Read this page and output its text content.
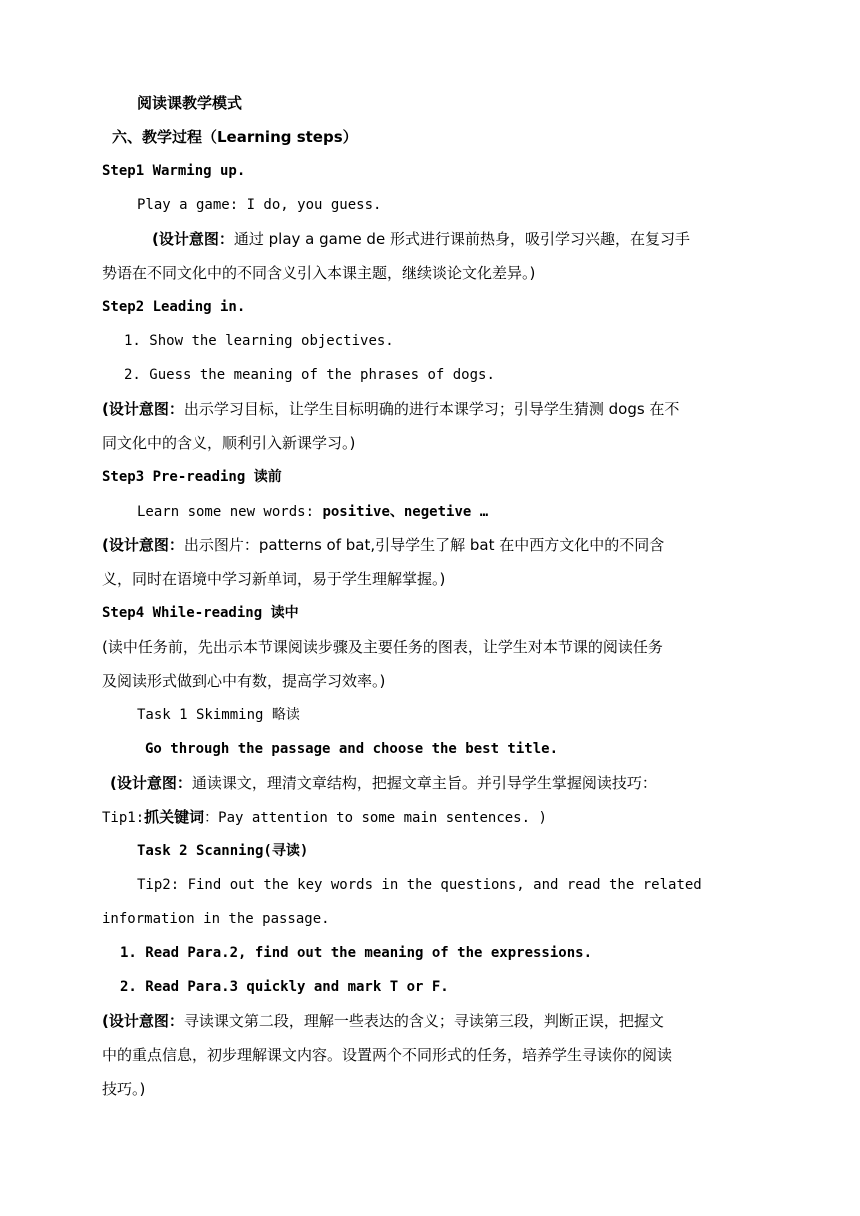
阅读课教学模式
六、教学过程（Learning steps）
Step1 Warming up.
Play a game: I do, you guess.
(设计意图：通过 play a game de 形式进行课前热身，吸引学习兴趣，在复习手
势语在不同文化中的不同含义引入本课主题，继续谈论文化差异。)
Step2 Leading in.
1. Show the learning objectives.
2. Guess the meaning of the phrases of dogs.
(设计意图：出示学习目标，让学生目标明确的进行本课学习；引导学生猜测 dogs 在不
同文化中的含义，顺利引入新课学习。)
Step3 Pre-reading 读前
Learn some new words: positive、negetive …
(设计意图：出示图片：patterns of bat,引导学生了解 bat 在中西方文化中的不同含
义，同时在语境中学习新单词，易于学生理解掌握。)
Step4 While-reading 读中
(读中任务前，先出示本节课阅读步骤及主要任务的图表，让学生对本节课的阅读任务
及阅读形式做到心中有数，提高学习效率。)
Task 1 Skimming 略读
Go through the passage and choose the best title.
(设计意图：通读课文，理清文章结构，把握文章主旨。并引导学生掌握阅读技巧：
Tip1:抓关键词：Pay attention to some main sentences. )
Task 2 Scanning(寻读)
Tip2: Find out the key words in the questions, and read the related
information in the passage.
1. Read Para.2, find out the meaning of the expressions.
2. Read Para.3 quickly and mark T or F.
(设计意图：寻读课文第二段，理解一些表达的含义；寻读第三段，判断正误，把握文
中的重点信息，初步理解课文内容。设置两个不同形式的任务，培养学生寻读你的阅读
技巧。)
